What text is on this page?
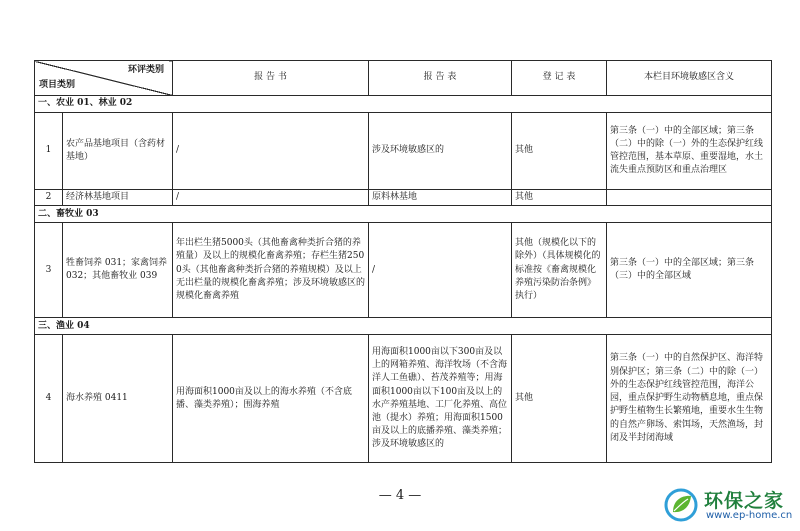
环评类别
项目类别		报 告 书	报 告 表	登 记 表	本栏目环境敏感区含义
一、农业 01、林业 02					
1	农产品基地项目（含药材基地）	/	涉及环境敏感区的	其他	第三条（一）中的全部区域；第三条（二）中的除（一）外的生态保护红线管控范围，基本草原、重要湿地，水土流失重点预防区和重点治理区
2	经济林基地项目	/	原料林基地	其他	
二、畜牧业 03					
3	牲畜饲养 031；家禽饲养 032；其他畜牧业 039	年出栏生猪5000头（其他畜禽种类折合猪的养殖量）及以上的规模化畜禽养殖；存栏生猪2500头（其他畜禽种类折合猪的养殖规模）及以上无出栏量的规模化畜禽养殖；涉及环境敏感区的规模化畜禽养殖	/	其他（规模化以下的除外）（具体规模化的标准按《畜禽规模化养殖污染防治条例》执行）	第三条（一）中的全部区域；第三条（三）中的全部区域
三、渔业 04					
4	海水养殖 0411	用海面积1000亩及以上的海水养殖（不含底播、藻类养殖）；围海养殖	用海面积1000亩以下300亩及以上的网箱养殖、海洋牧场（不含海洋人工鱼礁）、苔茂养殖等；用海面积1000亩以下100亩及以上的水产养殖基地、工厂化养殖、高位池（提水）养殖；用海面积1500亩及以上的底播养殖、藻类养殖；涉及环境敏感区的	其他	第三条（一）中的自然保护区、海洋特别保护区；第三条（二）中的除（一）外的生态保护红线管控范围，海洋公园，重点保护野生动物栖息地，重点保护野生植物生长繁殖地，重要水生生物的自然产卵场、索饵场，天然渔场，封闭及半封闭海域
— 4 —	环保之家
www.ep-home.cn
